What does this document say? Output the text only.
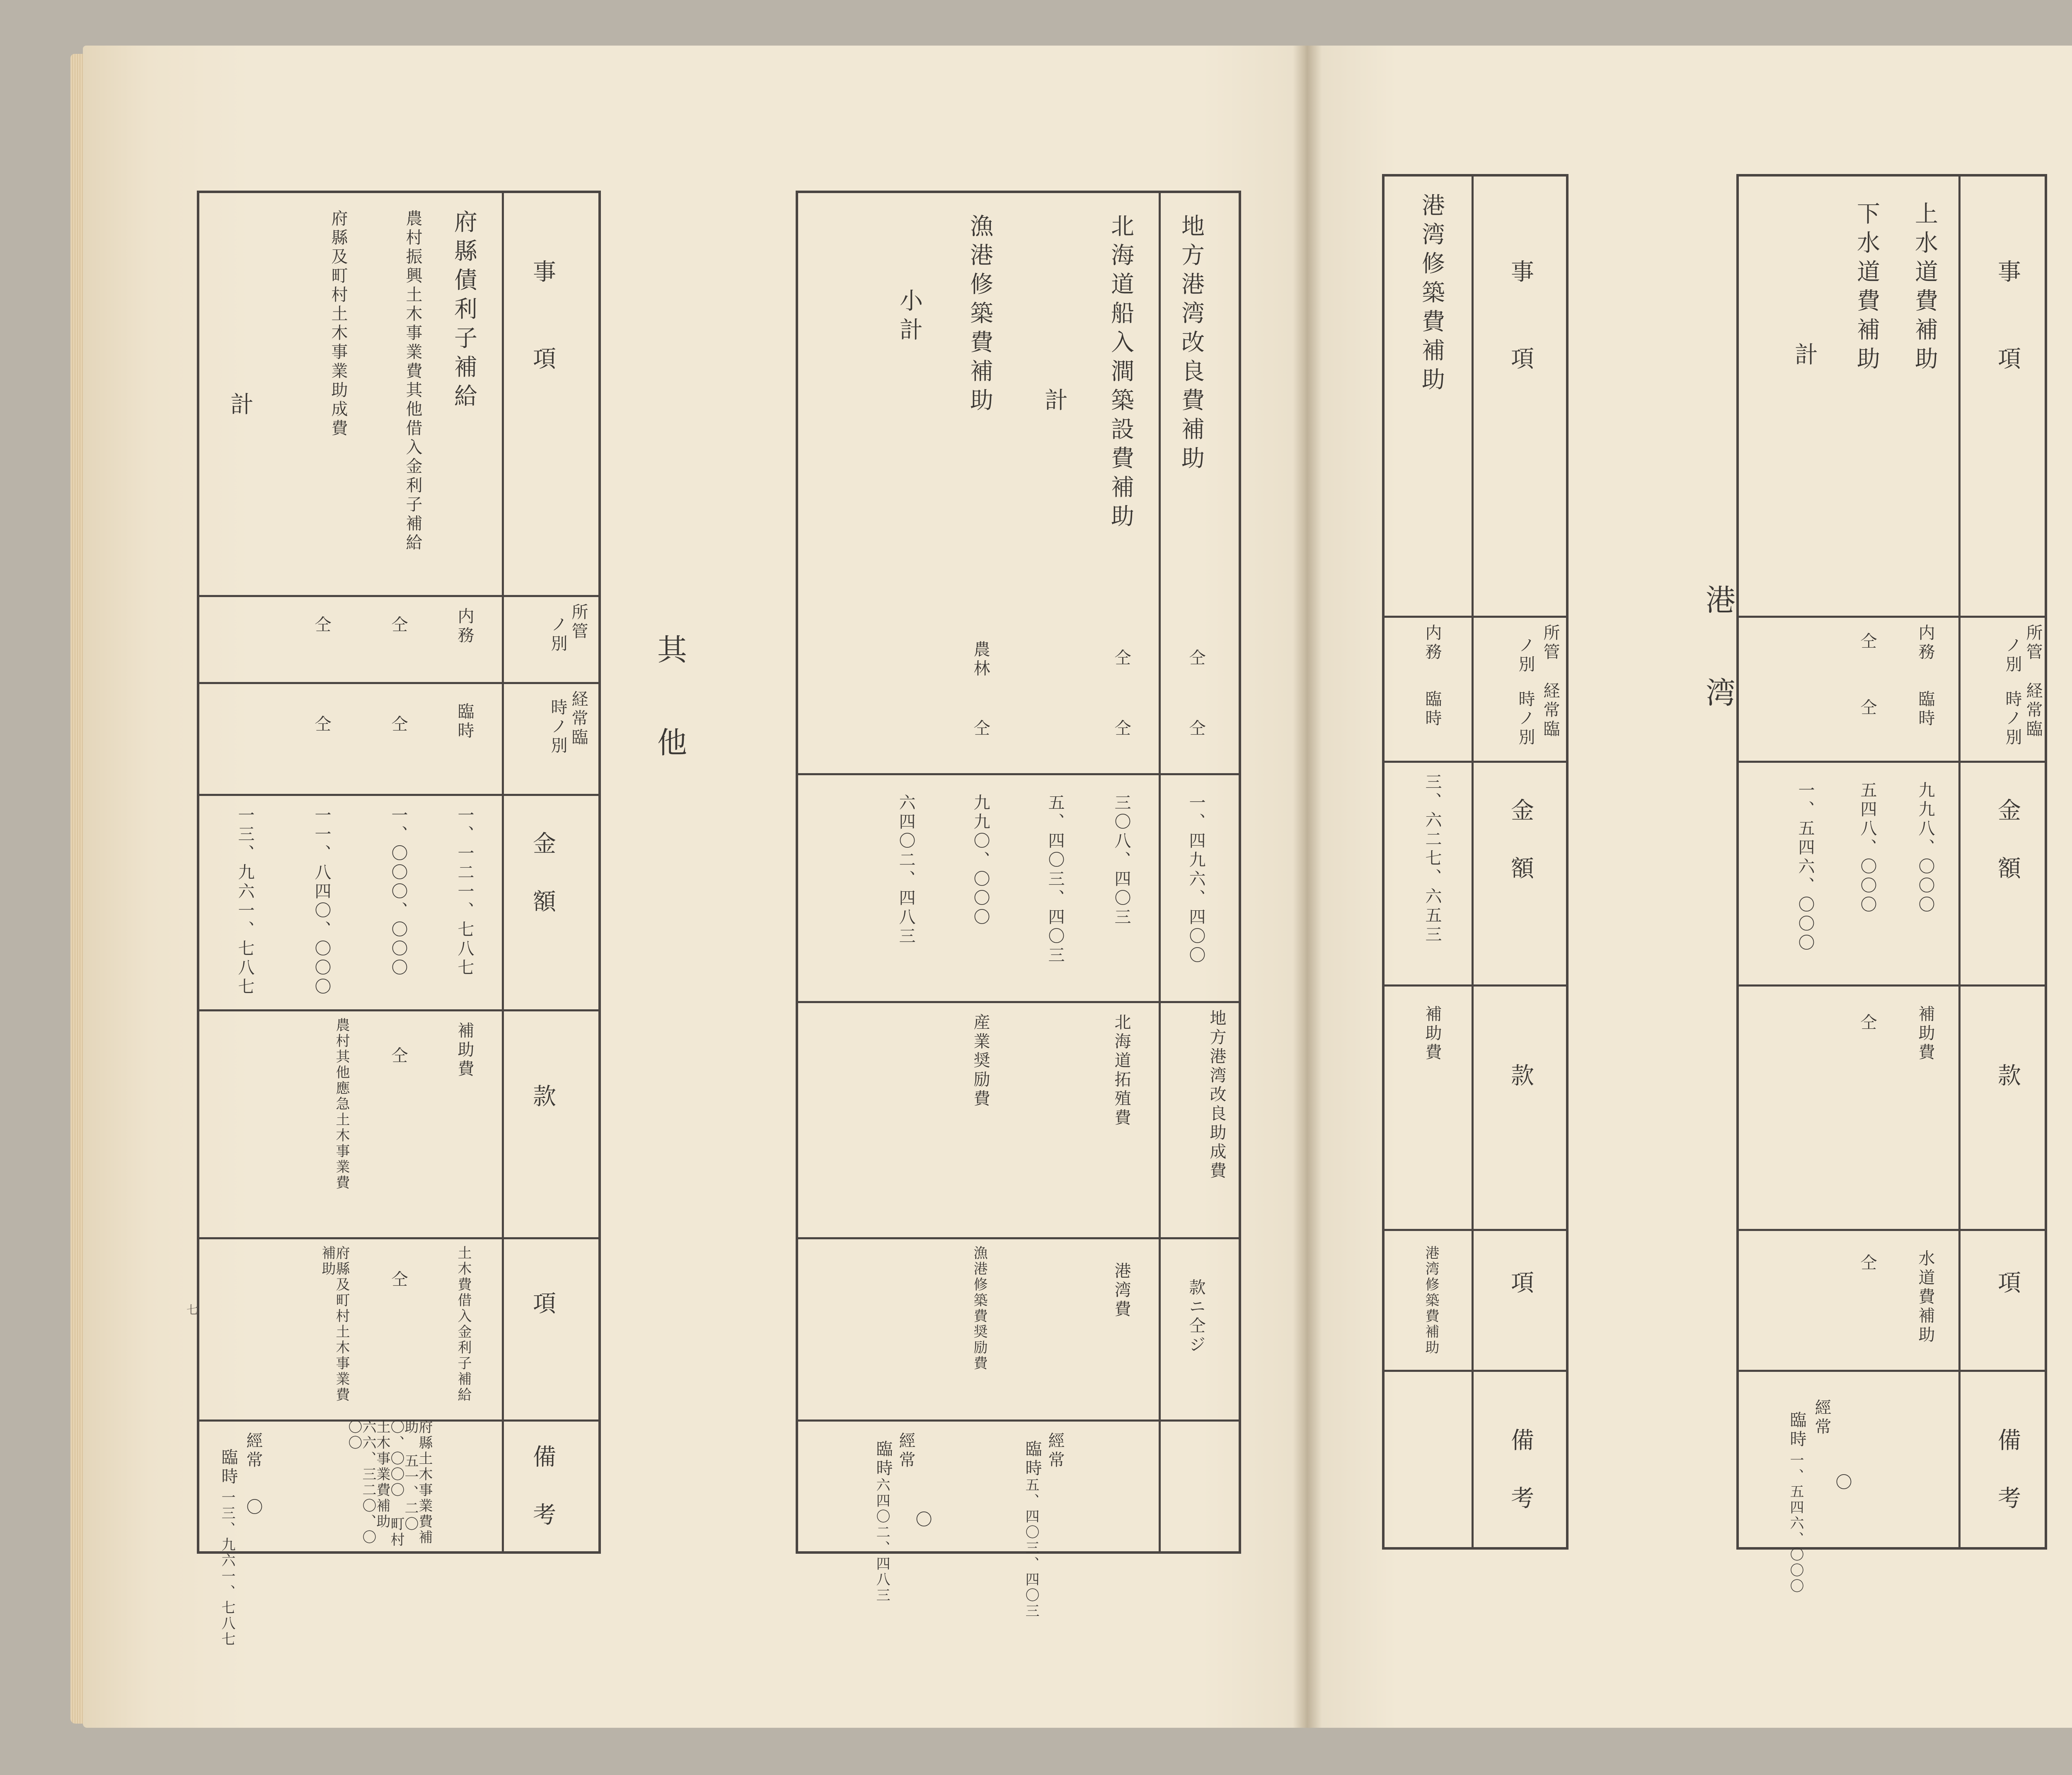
事　　項
所管
ノ別
経常臨
時ノ別
金　額
款
項
備　考
府縣債利子補給
内務
臨時
一、一二一、七八七
補助費
土木費借入金利子補給
農村振興土木事業費其他借入金利子補給
仝
仝
一、〇〇〇、〇〇〇
仝
仝
府縣及町村土木事業助成費
仝
仝
一一、八四〇、〇〇〇
農村其他應急土木事業費
府縣及町村土木事業費補助
計
一三、九六一、七八七
經常
〇
臨時
一三、九六一、七八七
府縣土木事業費補助 五一、二〇〇、〇〇〇 町村土木事業費補助 六六、三二〇、〇〇〇
其　他
地方港湾改良費補助
仝
仝
一、四九六、四〇〇
地方港湾改良助成費
款ニ仝ジ
北海道船入澗築設費補助
仝
仝
三〇八、四〇三
北海道拓殖費
港湾費
計
五、四〇三、四〇三
經常
臨時
五、四〇三、四〇三
漁港修築費補助
農林
仝
九九〇、〇〇〇
産業奨励費
漁港修築費奨励費
小計
六四〇二、四八三
經常
臨時
六四〇二、四八三 〇
七
事　　項
所管
ノ別
経常臨
時ノ別
金　額
款
項
備　考
港湾修築費補助
内務
臨時
三、六二七、六五三
補助費
港湾修築費補助
港　湾
事　　項
所管
ノ別
経常臨
時ノ別
金　額
款
項
備　考
上水道費補助
内務
臨時
九九八、〇〇〇
補助費
水道費補助
下水道費補助
仝
仝
五四八、〇〇〇
仝
仝
計
一、五四六、〇〇〇
經常
臨時
一、五四六、〇〇〇 〇
